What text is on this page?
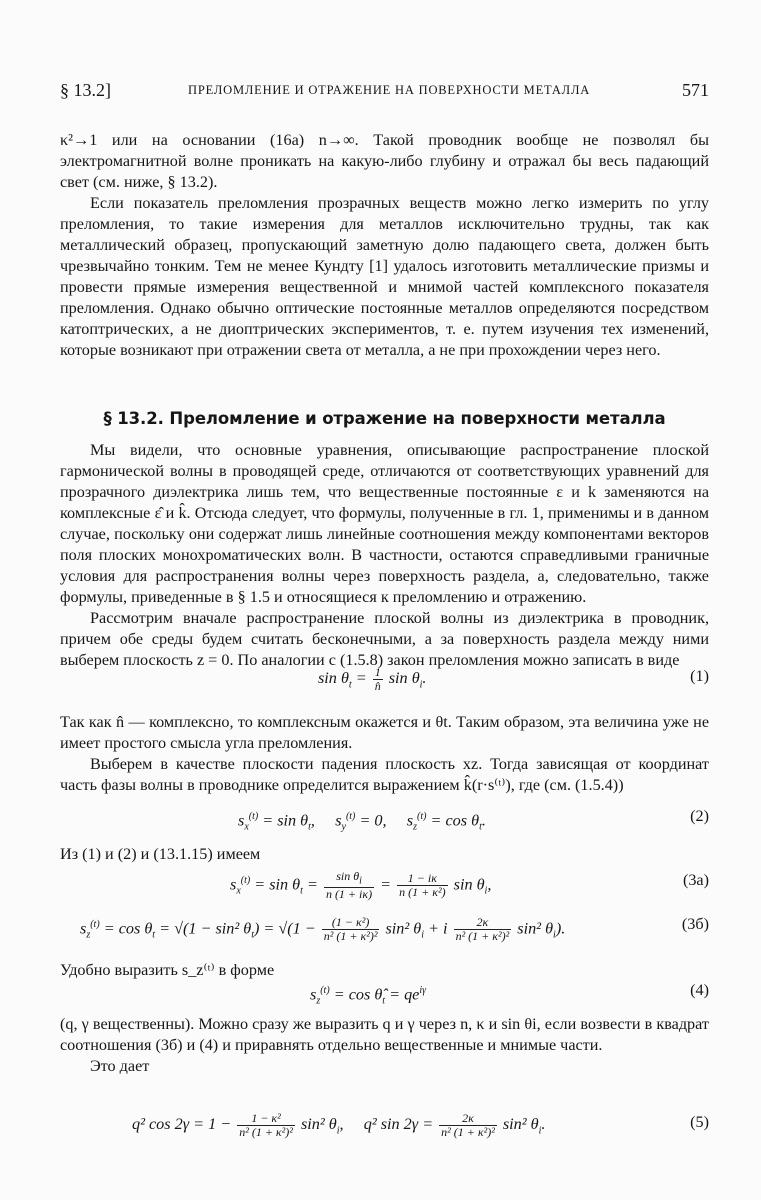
§ 13.2]	ПРЕЛОМЛЕНИЕ И ОТРАЖЕНИЕ НА ПОВЕРХНОСТИ МЕТАЛЛА	571

κ²→1 или на основании (16а) n→∞. Такой проводник вообще не позволял бы электромагнитной волне проникать на какую-либо глубину и отражал бы весь падающий свет (см. ниже, § 13.2).

Если показатель преломления прозрачных веществ можно легко измерить по углу преломления, то такие измерения для металлов исключительно трудны, так как металлический образец, пропускающий заметную долю падающего света, должен быть чрезвычайно тонким. Тем не менее Кундту [1] удалось изготовить металлические призмы и провести прямые измерения вещественной и мнимой частей комплексного показателя преломления. Однако обычно оптические постоянные металлов определяются посредством катоптрических, а не диоптрических экспериментов, т. е. путем изучения тех изменений, которые возникают при отражении света от металла, а не при прохождении через него.

§ 13.2. Преломление и отражение на поверхности металла

Мы видели, что основные уравнения, описывающие распространение плоской гармонической волны в проводящей среде, отличаются от соответствующих уравнений для прозрачного диэлектрика лишь тем, что вещественные постоянные ε и k заменяются на комплексные ε̂ и k̂. Отсюда следует, что формулы, полученные в гл. 1, применимы и в данном случае, поскольку они содержат лишь линейные соотношения между компонентами векторов поля плоских монохроматических волн. В частности, остаются справедливыми граничные условия для распространения волны через поверхность раздела, а, следовательно, также формулы, приведенные в § 1.5 и относящиеся к преломлению и отражению.

Рассмотрим вначале распространение плоской волны из диэлектрика в проводник, причем обе среды будем считать бесконечными, а за поверхность раздела между ними выберем плоскость z = 0. По аналогии с (1.5.8) закон преломления можно записать в виде

$\sin \theta_t = \frac{1}{n̂}$ $\sin \theta_i$.	(1)

Так как n̂ — комплексно, то комплексным окажется и θt. Таким образом, эта величина уже не имеет простого смысла угла преломления.

Выберем в качестве плоскости падения плоскость xz. Тогда зависящая от координат часть фазы волны в проводнике определится выражением k̂(r·s⁽ᵗ⁾), где (см. (1.5.4))

$s_x^{(t)} = \sin \theta_t$,     $s_y^{(t)} = 0$,     $s_z^{(t)} = \cos \theta_t$.	(2)

Из (1) и (2) и (13.1.15) имеем

$s_x^{(t)} = \sin \theta_t = \frac{\sin \theta_i}{n (1 + i\kappa)} = \frac{1 - i\kappa}{\text{n (1 + κ²)}}$ $\sin \theta_i$,	(3а)
$s_z^{(t)} = \cos \theta_t = √(1 - \sin^2$ $\theta_t) = √(1 - \frac{\text{(1 − κ²)}}{\text{n² (1 + κ²)²}} \sin^2$ $\theta_i + i \frac{2\kappa}{\text{n² (1 + κ²)²}} \sin^2$ $\theta_i$).	(3б)

Удобно выразить s_z⁽ᵗ⁾ в форме

$s_z^{(t)} = \cos$ $\thetâ_t = qe^{i\gamma}$	(4)

(q, γ вещественны). Можно сразу же выразить q и γ через n, κ и sin θi, если возвести в квадрат соотношения (3б) и (4) и приравнять отдельно вещественные и мнимые части.

Это дает

q² $\cos 2\gamma = 1 - \frac{\text{1 − κ²}}{\text{n² (1 + κ²)²}} \sin^2$ $\theta_i$,     q² $\sin 2\gamma = \frac{2\kappa}{\text{n² (1 + κ²)²}} \sin^2$ $\theta_i$.	(5)
